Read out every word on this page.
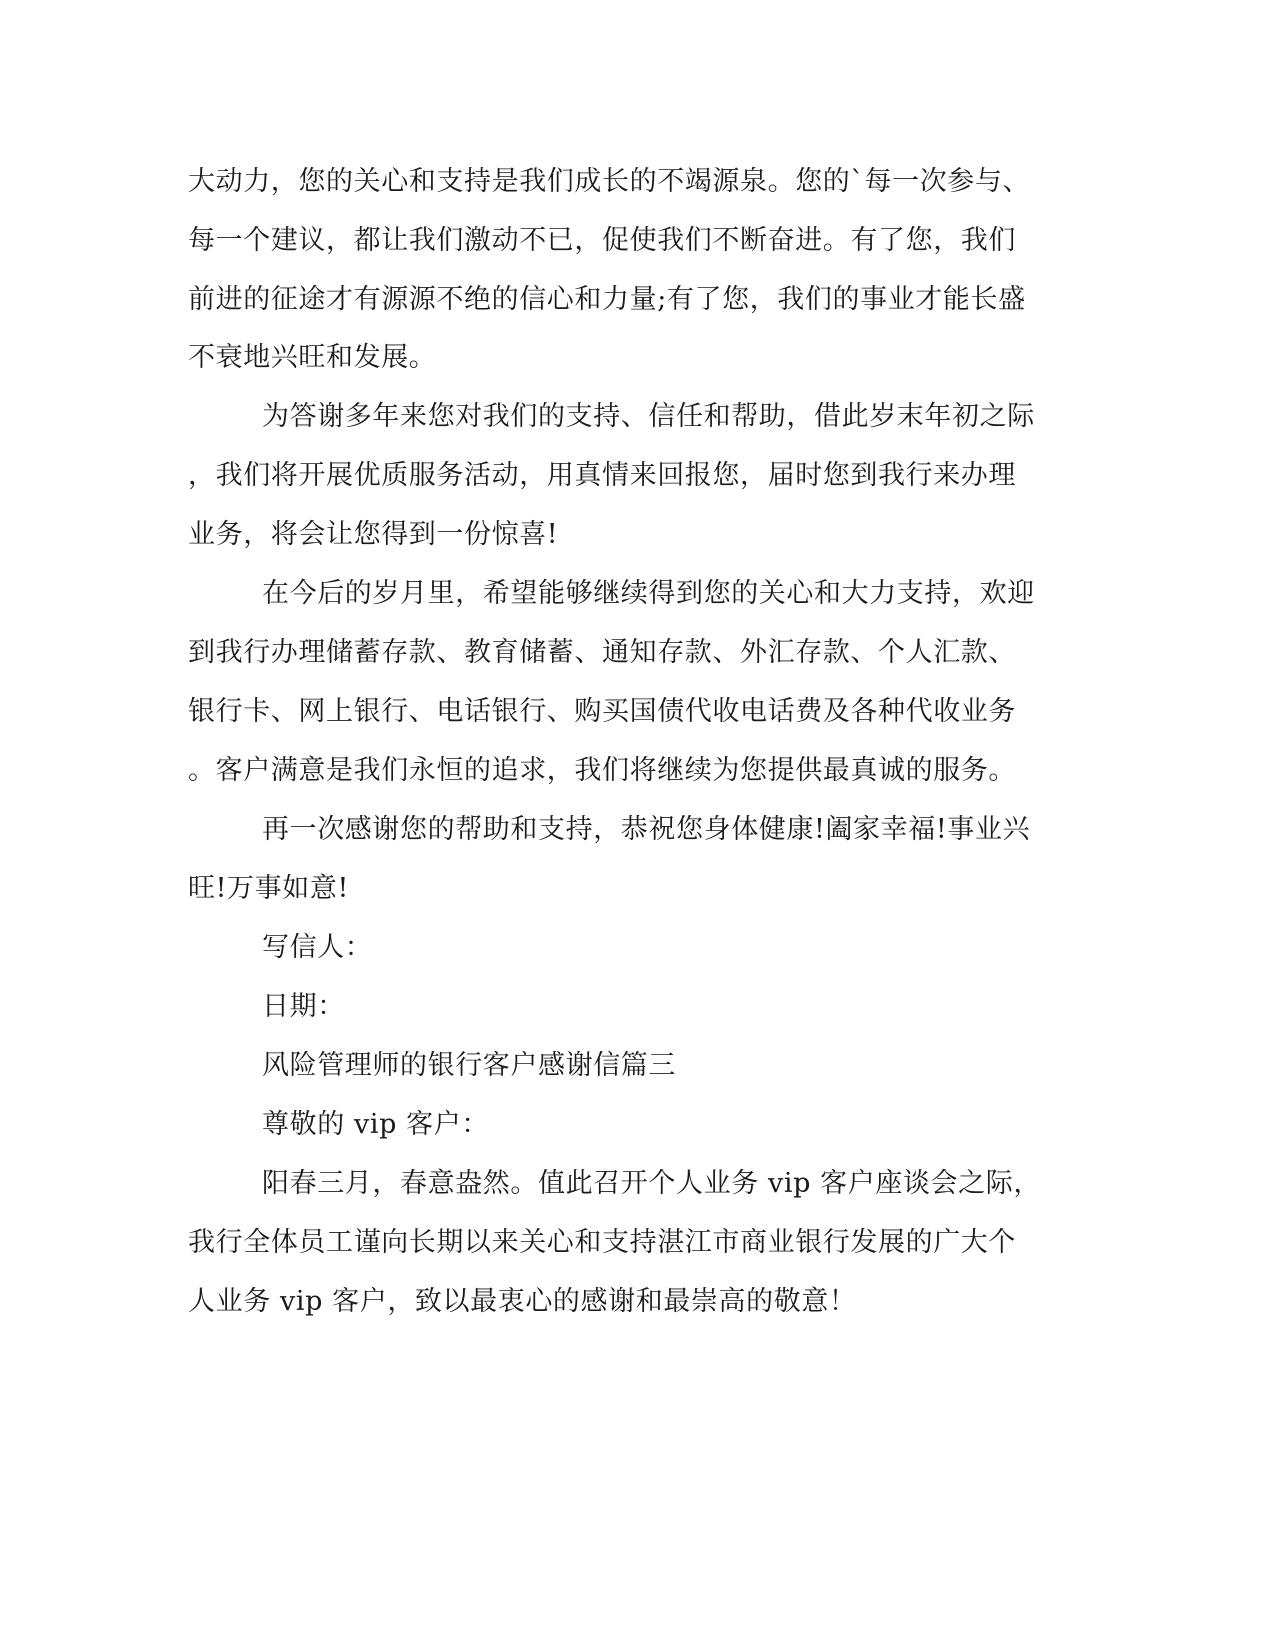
大动力，您的关心和支持是我们成长的不竭源泉。您的`每一次参与、
每一个建议，都让我们激动不已，促使我们不断奋进。有了您，我们
前进的征途才有源源不绝的信心和力量;有了您，我们的事业才能长盛
不衰地兴旺和发展。
为答谢多年来您对我们的支持、信任和帮助，借此岁末年初之际
，我们将开展优质服务活动，用真情来回报您，届时您到我行来办理
业务，将会让您得到一份惊喜!
在今后的岁月里，希望能够继续得到您的关心和大力支持，欢迎
到我行办理储蓄存款、教育储蓄、通知存款、外汇存款、个人汇款、
银行卡、网上银行、电话银行、购买国债代收电话费及各种代收业务
。客户满意是我们永恒的追求，我们将继续为您提供最真诚的服务。
再一次感谢您的帮助和支持，恭祝您身体健康!阖家幸福!事业兴
旺!万事如意!
写信人：
日期：
风险管理师的银行客户感谢信篇三
尊敬的 vip 客户：
阳春三月，春意盎然。值此召开个人业务 vip 客户座谈会之际，
我行全体员工谨向长期以来关心和支持湛江市商业银行发展的广大个
人业务 vip 客户，致以最衷心的感谢和最崇高的敬意！
